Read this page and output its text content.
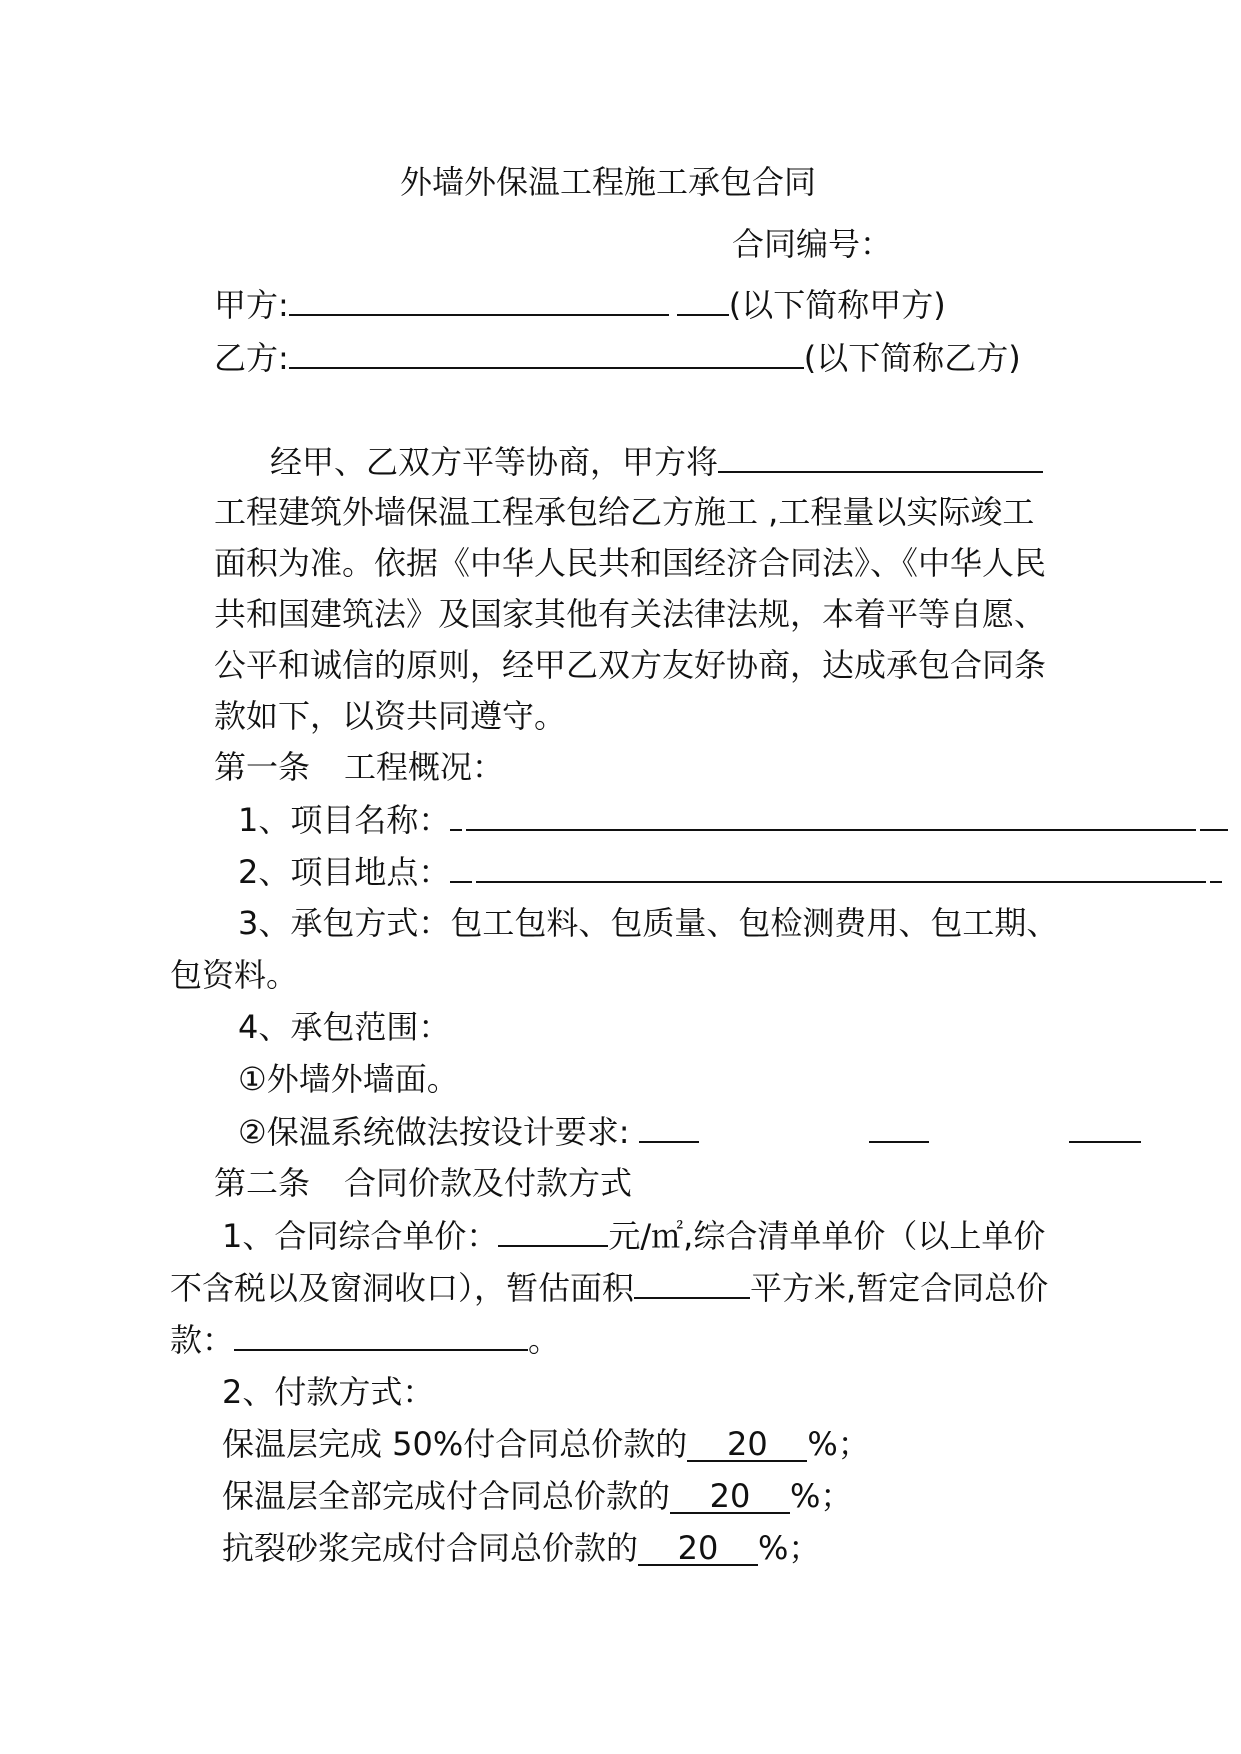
外墙外保温工程施工承包合同
合同编号：
甲方:	(以下简称甲方)
乙方:	(以下简称乙方)
经甲、乙双方平等协商，甲方将
工程建筑外墙保温工程承包给乙方施工 ,工程量以实际竣工
面积为准。依据《中华人民共和国经济合同法》、《中华人民
共和国建筑法》及国家其他有关法律法规，本着平等自愿、
公平和诚信的原则，经甲乙双方友好协商，达成承包合同条
款如下，以资共同遵守。
第一条 工程概况：
1、项目名称：
2、项目地点：
3、承包方式：包工包料、包质量、包检测费用、包工期、
包资料。
4、承包范围：
①外墙外墙面。
②保温系统做法按设计要求:
第二条 合同价款及付款方式
1、合同综合单价：	元/㎡,综合清单单价（以上单价
不含税以及窗洞收口），暂估面积	平方米,暂定合同总价
款：	。
2、付款方式：
保温层完成 50%付合同总价款的 20 %；
保温层全部完成付合同总价款的 20 %；
抗裂砂浆完成付合同总价款的 20 %；
